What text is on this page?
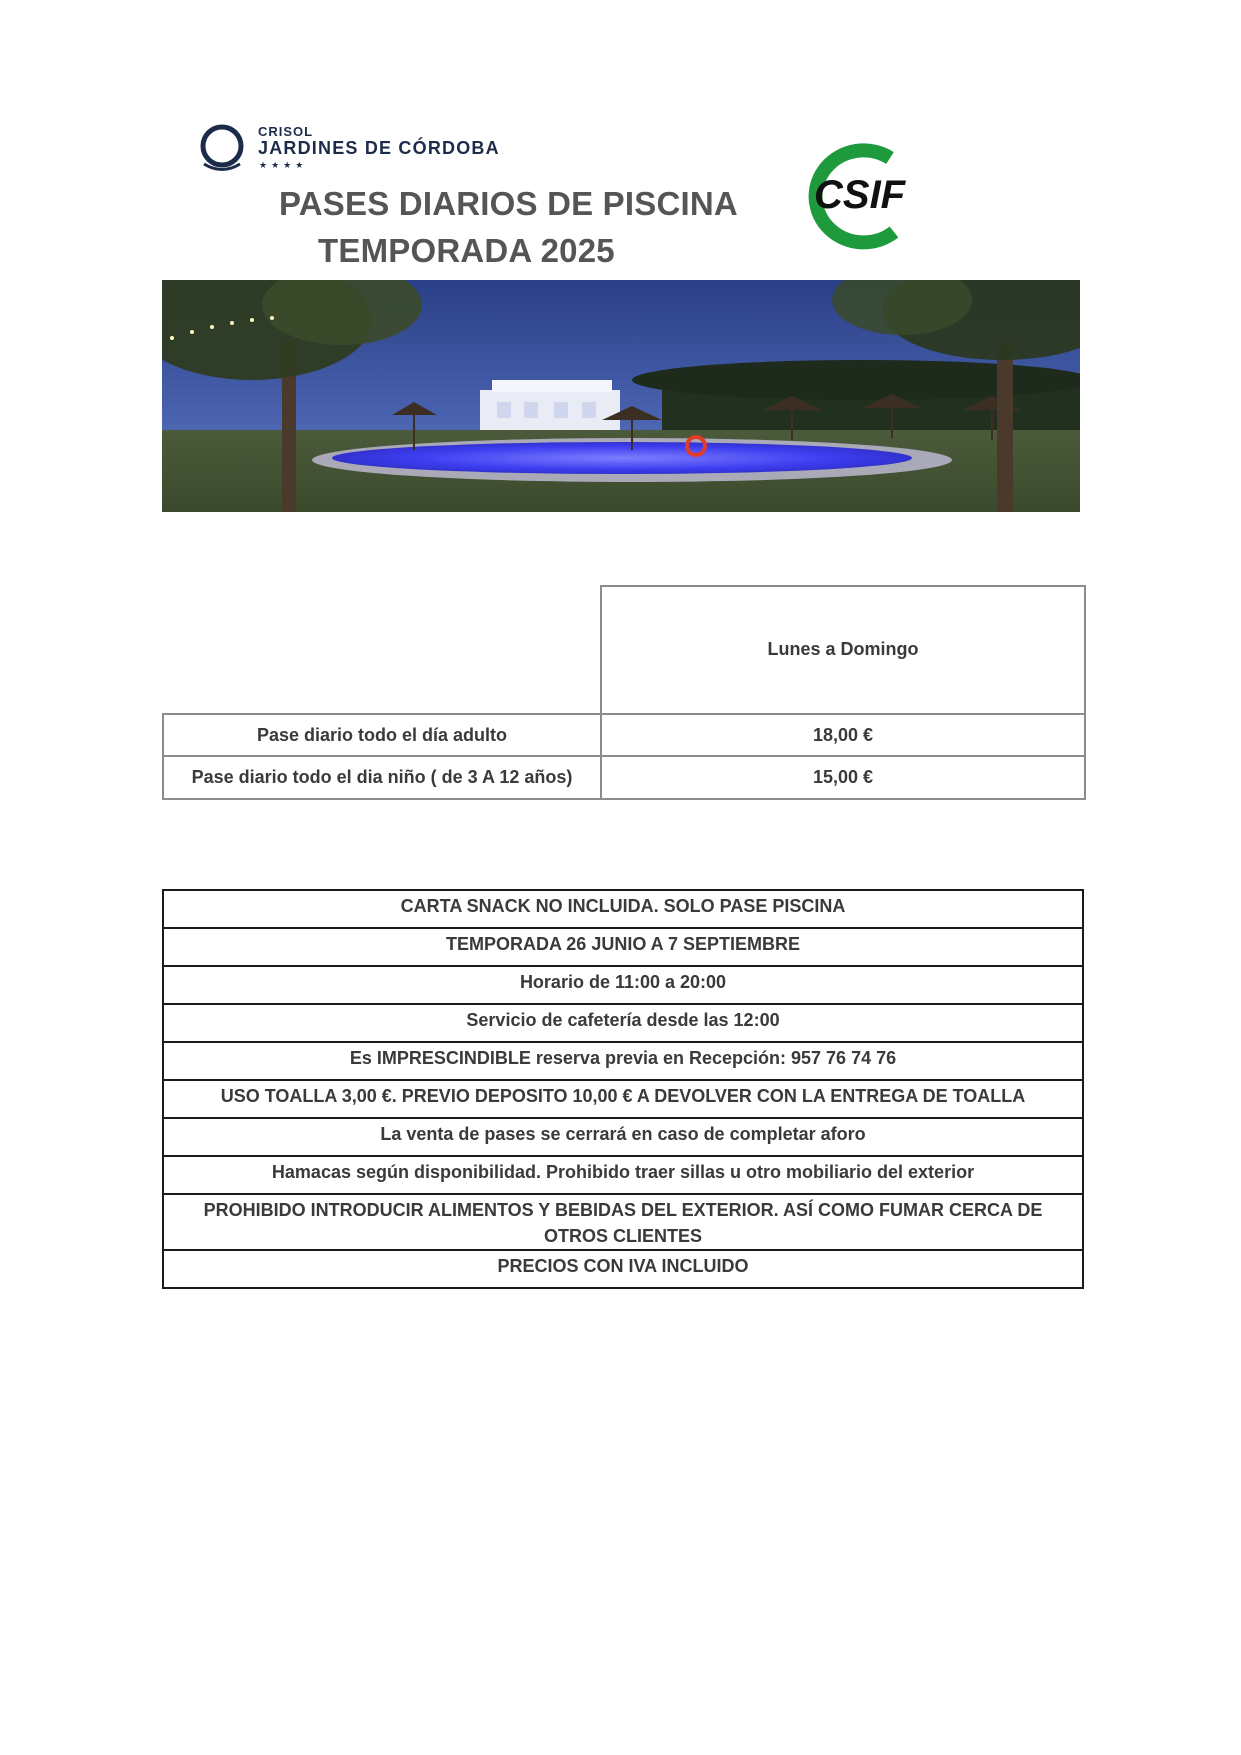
CRISOL
JARDINES DE CÓRDOBA
★★★★
PASES DIARIOS DE PISCINA
TEMPORADA 2025
CSIF
	Lunes a Domingo
Pase diario todo el día adulto	18,00 €
Pase diario todo el dia niño ( de 3 A 12 años)	15,00 €
CARTA SNACK NO INCLUIDA. SOLO PASE PISCINA

TEMPORADA 26 JUNIO A 7 SEPTIEMBRE

Horario de 11:00 a 20:00

Servicio de cafetería desde las 12:00

Es IMPRESCINDIBLE reserva previa en Recepción: 957 76 74 76

USO TOALLA 3,00 €. PREVIO DEPOSITO 10,00 € A DEVOLVER CON LA ENTREGA DE TOALLA

La venta de pases se cerrará en caso de completar aforo

Hamacas según disponibilidad. Prohibido traer sillas u otro mobiliario del exterior

PROHIBIDO INTRODUCIR ALIMENTOS Y BEBIDAS DEL EXTERIOR. ASÍ COMO FUMAR CERCA DE OTROS CLIENTES

PRECIOS CON IVA INCLUIDO
